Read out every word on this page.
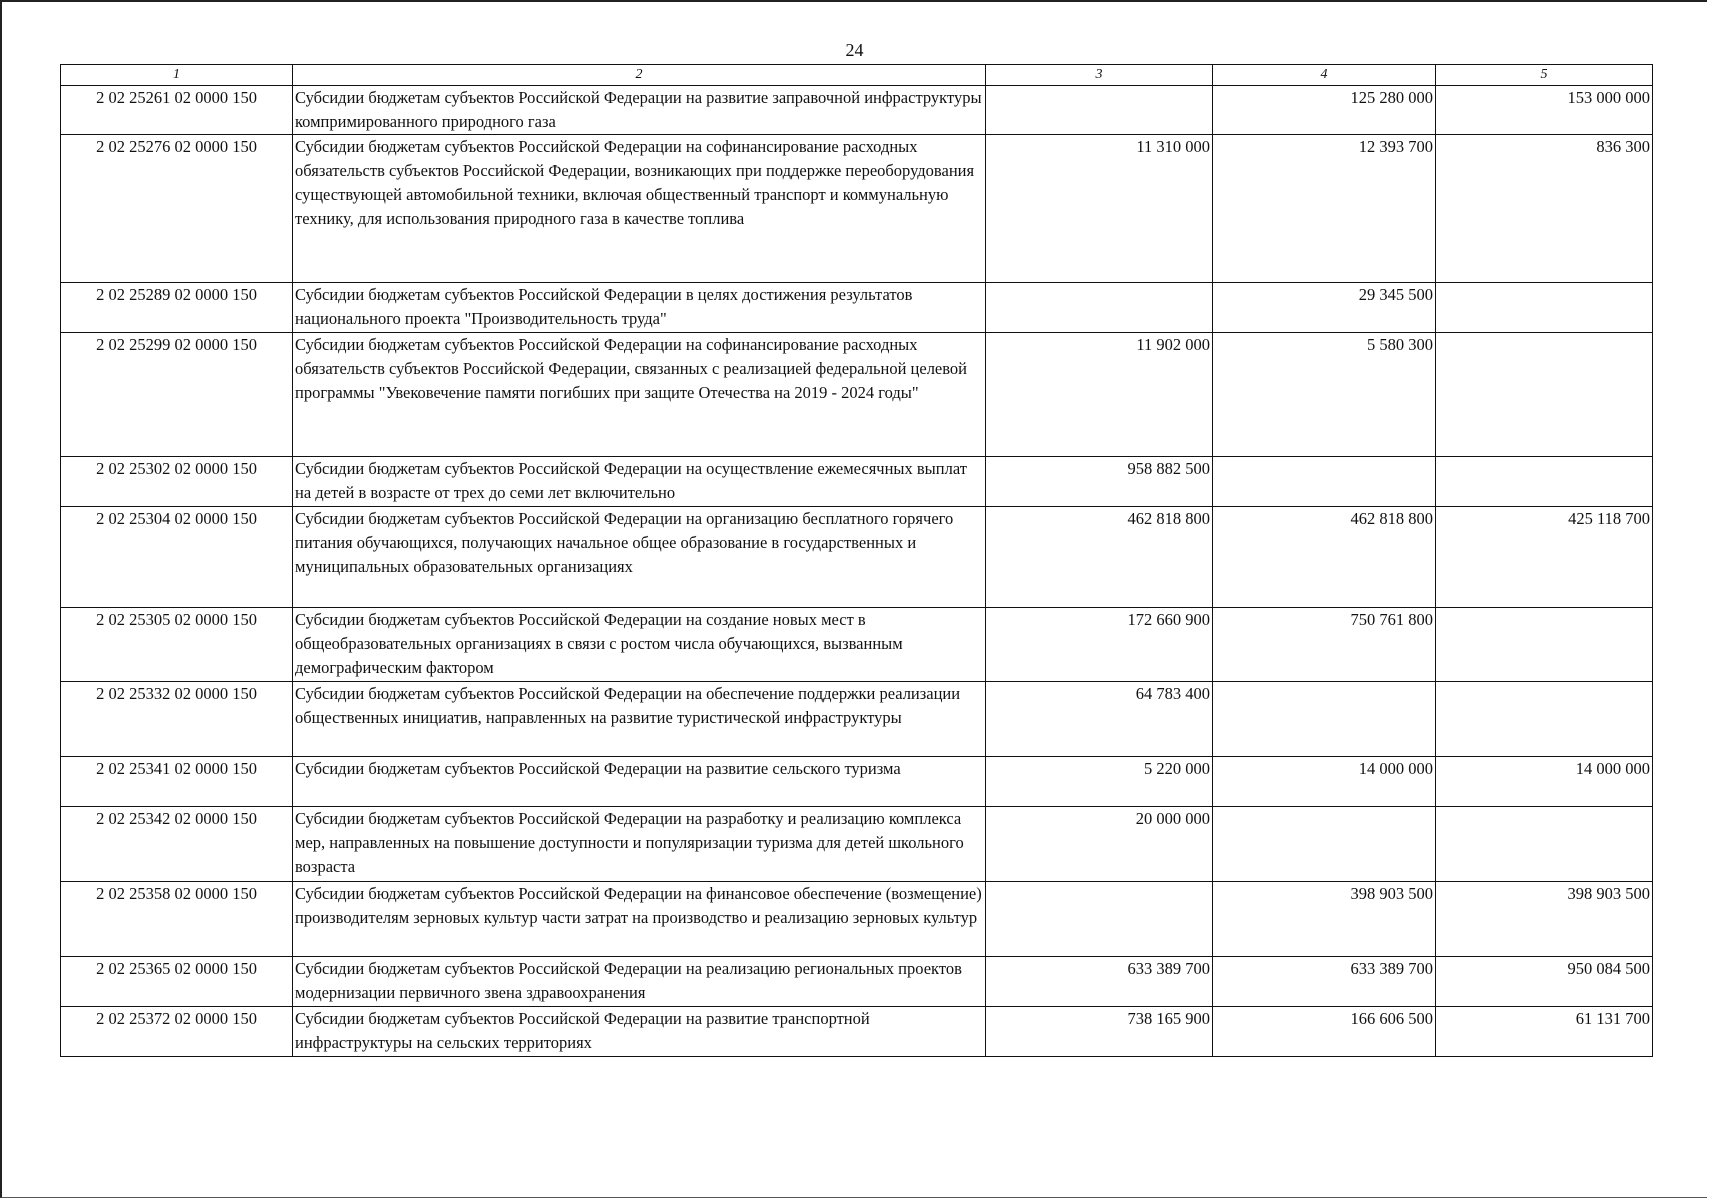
24
1	2	3	4	5
2 02 25261 02 0000 150	Субсидии бюджетам субъектов Российской Федерации на развитие заправочной инфраструктуры компримированного природного газа		125 280 000	153 000 000
2 02 25276 02 0000 150	Субсидии бюджетам субъектов Российской Федерации на софинансирование расходных обязательств субъектов Российской Федерации, возникающих при поддержке переоборудования существующей автомобильной техники, включая общественный транспорт и коммунальную технику, для использования природного газа в качестве топлива	11 310 000	12 393 700	836 300
2 02 25289 02 0000 150	Субсидии бюджетам субъектов Российской Федерации в целях достижения результатов национального проекта "Производительность труда"		29 345 500	
2 02 25299 02 0000 150	Субсидии бюджетам субъектов Российской Федерации на софинансирование расходных обязательств субъектов Российской Федерации, связанных с реализацией федеральной целевой программы "Увековечение памяти погибших при защите Отечества на 2019 - 2024 годы"	11 902 000	5 580 300	
2 02 25302 02 0000 150	Субсидии бюджетам субъектов Российской Федерации на осуществление ежемесячных выплат на детей в возрасте от трех до семи лет включительно	958 882 500		
2 02 25304 02 0000 150	Субсидии бюджетам субъектов Российской Федерации на организацию бесплатного горячего питания обучающихся, получающих начальное общее образование в государственных и муниципальных образовательных организациях	462 818 800	462 818 800	425 118 700
2 02 25305 02 0000 150	Субсидии бюджетам субъектов Российской Федерации на создание новых мест в общеобразовательных организациях в связи с ростом числа обучающихся, вызванным демографическим фактором	172 660 900	750 761 800	
2 02 25332 02 0000 150	Субсидии бюджетам субъектов Российской Федерации на обеспечение поддержки реализации общественных инициатив, направленных на развитие туристической инфраструктуры	64 783 400		
2 02 25341 02 0000 150	Субсидии бюджетам субъектов Российской Федерации на развитие сельского туризма	5 220 000	14 000 000	14 000 000
2 02 25342 02 0000 150	Субсидии бюджетам субъектов Российской Федерации на разработку и реализацию комплекса мер, направленных на повышение доступности и популяризации туризма для детей школьного возраста	20 000 000		
2 02 25358 02 0000 150	Субсидии бюджетам субъектов Российской Федерации на финансовое обеспечение (возмещение) производителям зерновых культур части затрат на производство и реализацию зерновых культур		398 903 500	398 903 500
2 02 25365 02 0000 150	Субсидии бюджетам субъектов Российской Федерации на реализацию региональных проектов модернизации первичного звена здравоохранения	633 389 700	633 389 700	950 084 500
2 02 25372 02 0000 150	Субсидии бюджетам субъектов Российской Федерации на развитие транспортной инфраструктуры на сельских территориях	738 165 900	166 606 500	61 131 700
